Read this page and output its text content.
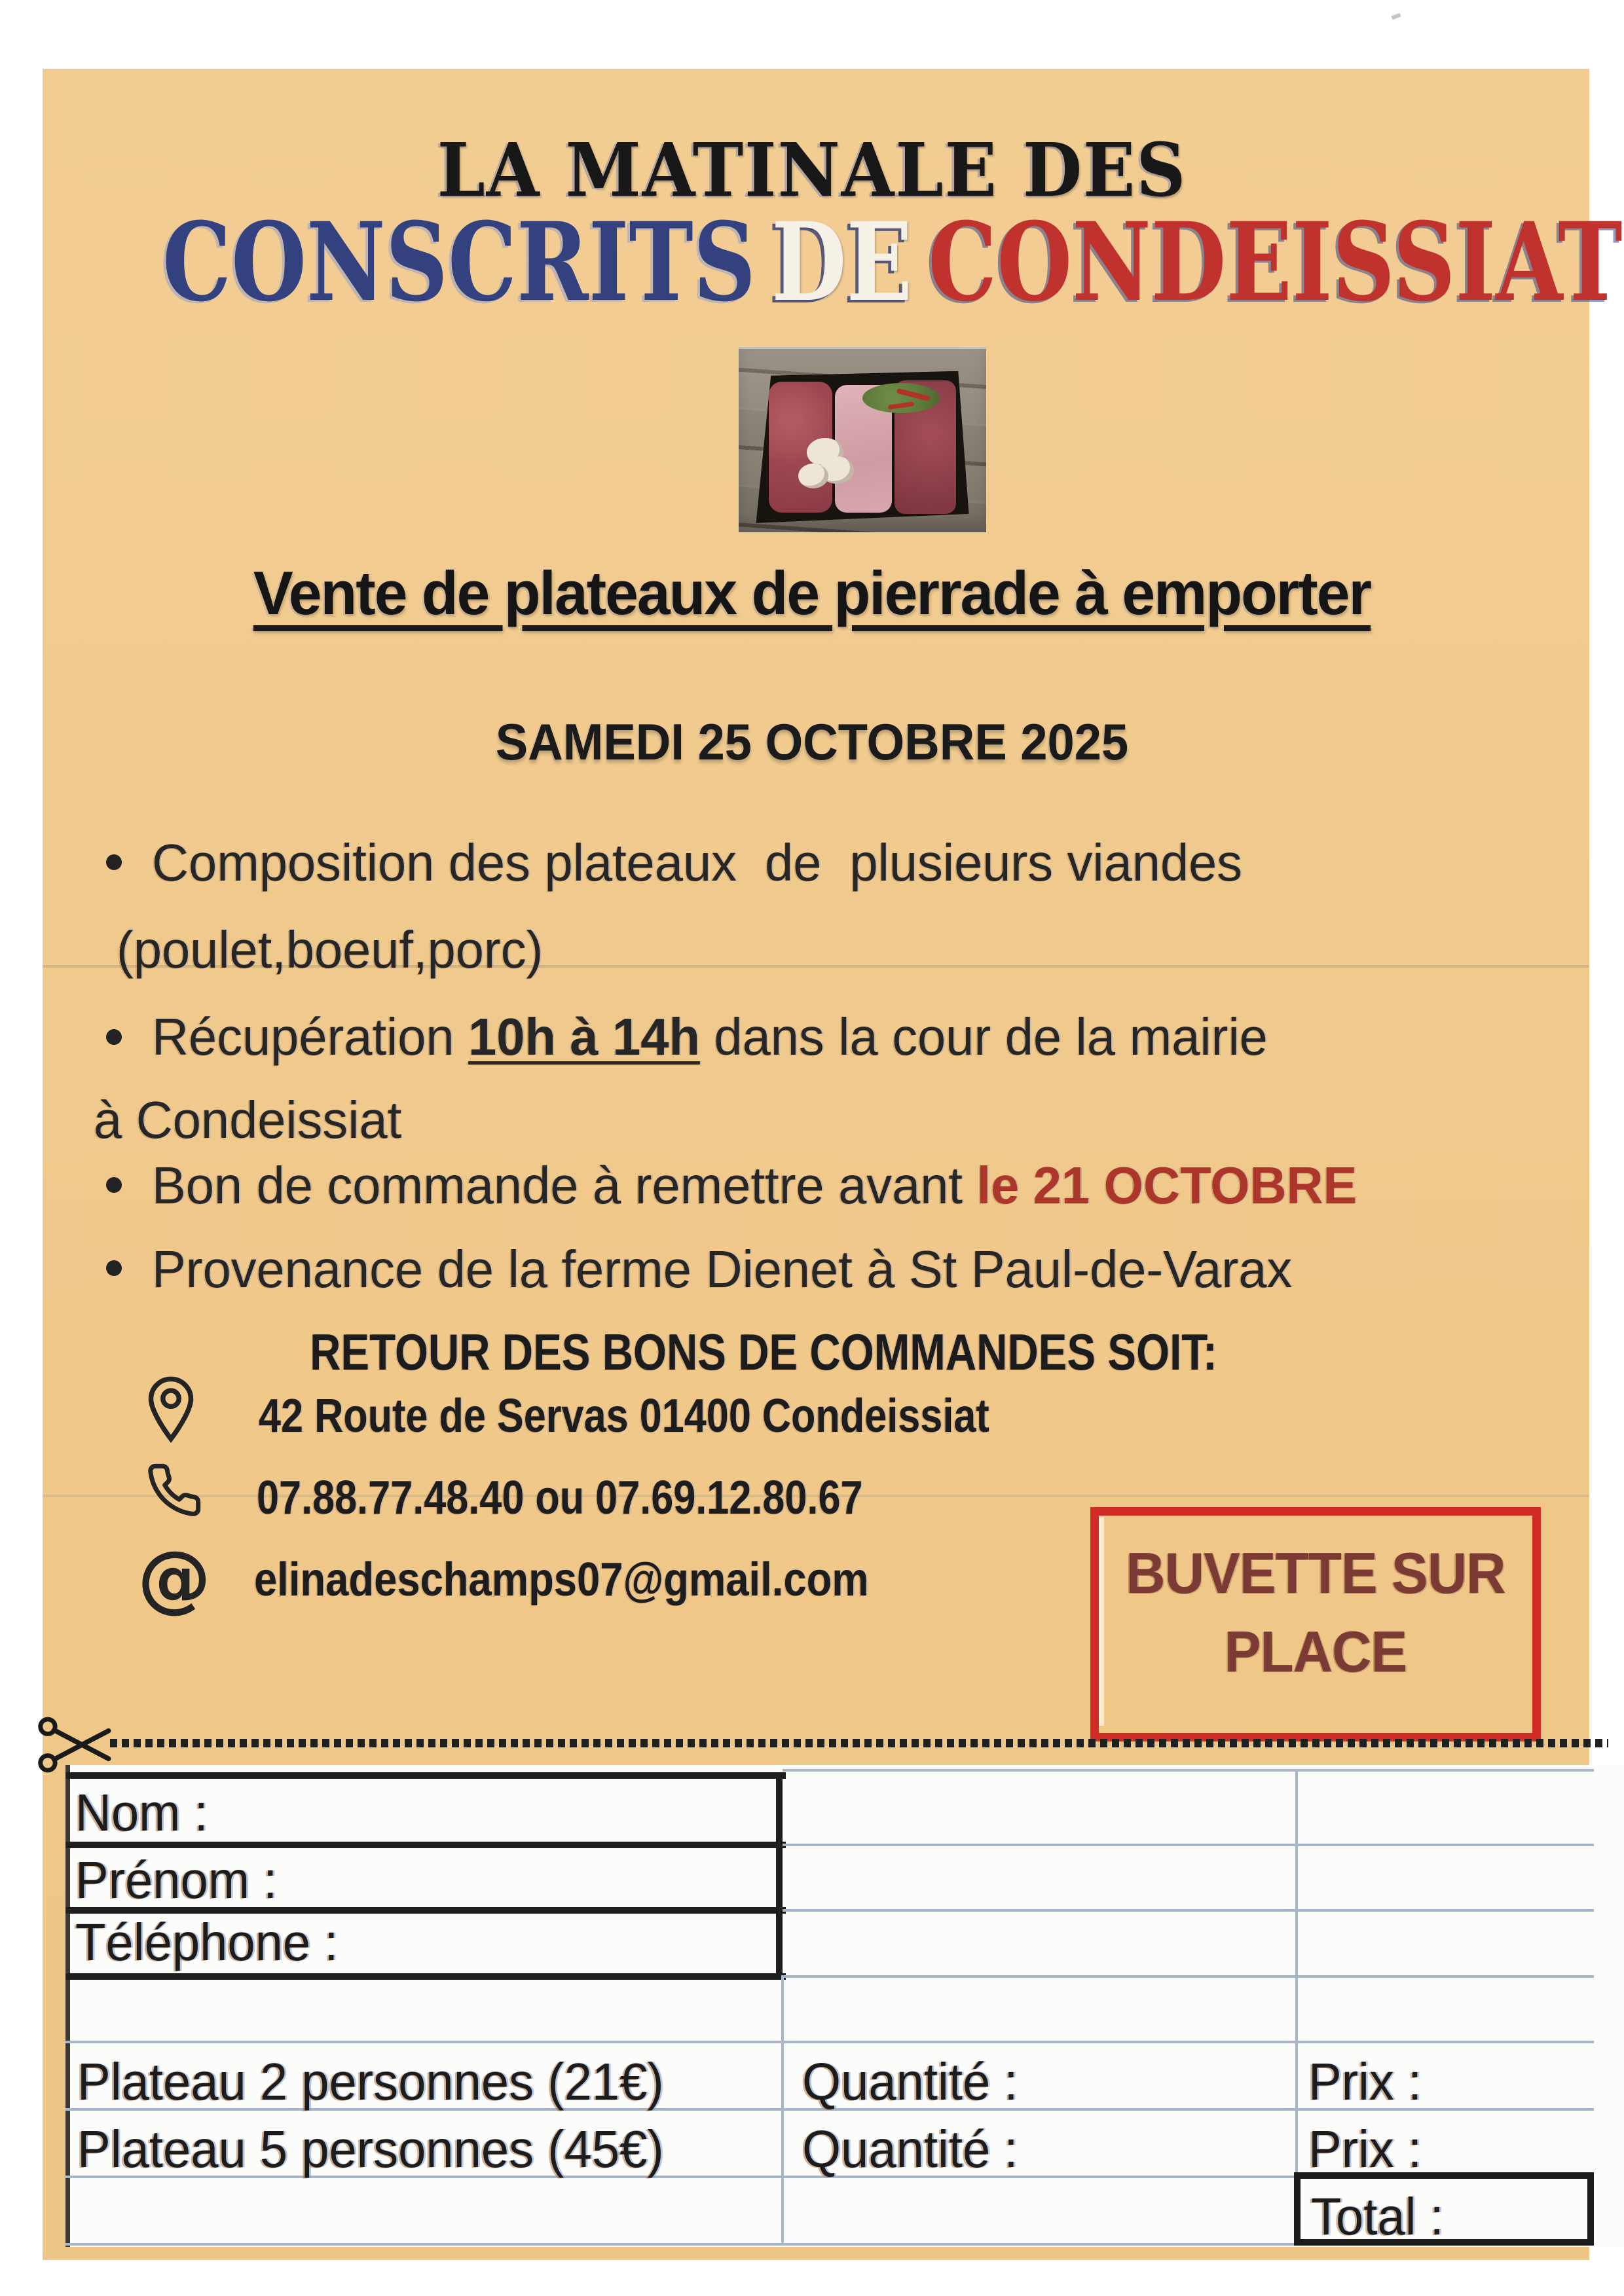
LA MATINALE DES
CONSCRITS DE CONDEISSIAT
Vente de plateaux de pierrade à emporter
SAMEDI 25 OCTOBRE 2025
Composition des plateaux  de  plusieurs viandes
(poulet,boeuf,porc)
Récupération 10h à 14h dans la cour de la mairie
à Condeissiat
Bon de commande à remettre avant le 21 OCTOBRE
Provenance de la ferme Dienet à St Paul-de-Varax
RETOUR DES BONS DE COMMANDES SOIT:
42 Route de Servas 01400 Condeissiat
07.88.77.48.40 ou 07.69.12.80.67
@ elinadeschamps07@gmail.com	BUVETTE SUR
PLACE
Nom :
Prénom :
Téléphone :
Plateau 2 personnes (21€)	Quantité :	Prix :
Plateau 5 personnes (45€)	Quantité :	Prix :
Total :
